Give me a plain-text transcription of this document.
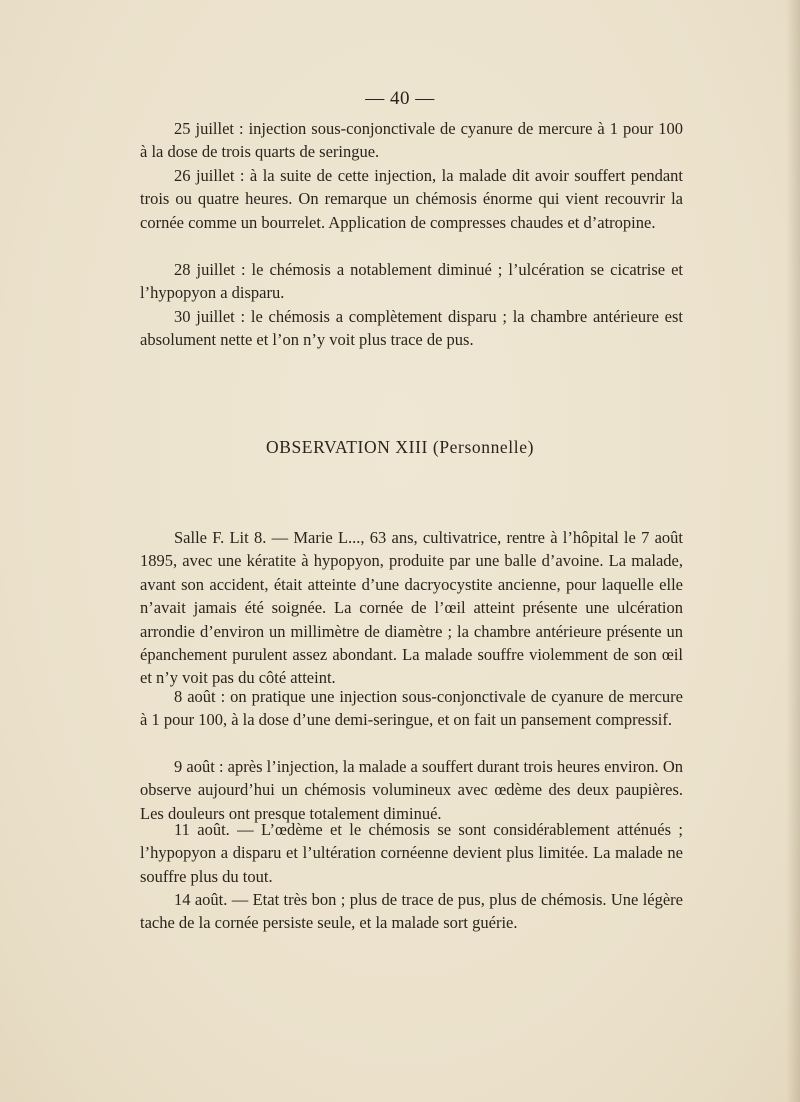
— 40 —

25 juillet : injection sous-conjonctivale de cyanure de mercure à 1 pour 100 à la dose de trois quarts de seringue.

26 juillet : à la suite de cette injection, la malade dit avoir souffert pendant trois ou quatre heures. On remarque un chémosis énorme qui vient recouvrir la cornée comme un bourrelet. Application de compresses chaudes et d’atropine.

28 juillet : le chémosis a notablement diminué ; l’ulcération se cicatrise et l’hypopyon a disparu.

30 juillet : le chémosis a complètement disparu ; la chambre antérieure est absolument nette et l’on n’y voit plus trace de pus.

OBSERVATION XIII (Personnelle)

Salle F. Lit 8. — Marie L..., 63 ans, cultivatrice, rentre à l’hôpital le 7 août 1895, avec une kératite à hypopyon, produite par une balle d’avoine. La malade, avant son accident, était atteinte d’une dacryocystite ancienne, pour laquelle elle n’avait jamais été soignée. La cornée de l’œil atteint présente une ulcération arrondie d’environ un millimètre de diamètre ; la chambre antérieure présente un épanchement purulent assez abondant. La malade souffre violemment de son œil et n’y voit pas du côté atteint.

8 août : on pratique une injection sous-conjonctivale de cyanure de mercure à 1 pour 100, à la dose d’une demi-seringue, et on fait un pansement compressif.

9 août : après l’injection, la malade a souffert durant trois heures environ. On observe aujourd’hui un chémosis volumineux avec œdème des deux paupières. Les douleurs ont presque totalement diminué.

11 août. — L’œdème et le chémosis se sont considérablement atténués ; l’hypopyon a disparu et l’ultération cornéenne devient plus limitée. La malade ne souffre plus du tout.

14 août. — Etat très bon ; plus de trace de pus, plus de chémosis. Une légère tache de la cornée persiste seule, et la malade sort guérie.
